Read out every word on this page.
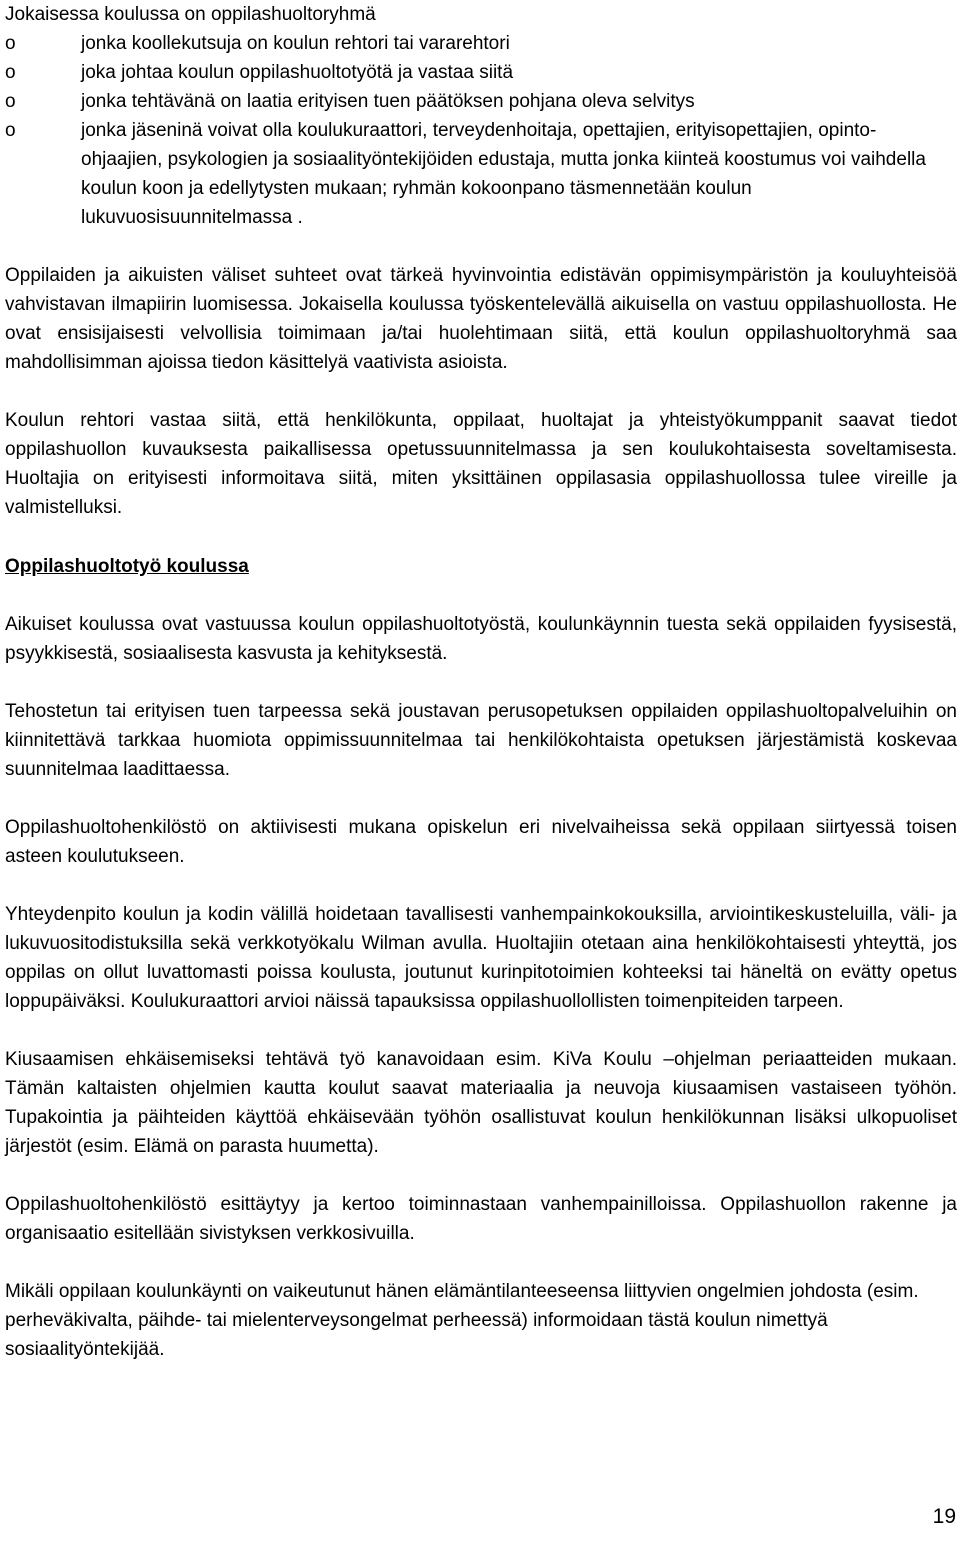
Jokaisessa koulussa on oppilashuoltoryhmä

o	jonka koollekutsuja on koulun rehtori tai vararehtori
o	joka johtaa koulun oppilashuoltotyötä ja vastaa siitä
o	jonka tehtävänä on laatia erityisen tuen päätöksen pohjana oleva selvitys
o	jonka jäseninä voivat olla koulukuraattori, terveydenhoitaja, opettajien, erityisopettajien, opinto-ohjaajien, psykologien ja sosiaalityöntekijöiden edustaja, mutta jonka kiinteä koostumus voi vaihdella koulun koon ja edellytysten mukaan; ryhmän kokoonpano täsmennetään koulun lukuvuosisuunnitelmassa .

Oppilaiden ja aikuisten väliset suhteet ovat tärkeä hyvinvointia edistävän oppimisympäristön ja kouluyhteisöä vahvistavan ilmapiirin luomisessa. Jokaisella koulussa työskentelevällä aikuisella on vastuu oppilashuollosta. He ovat ensisijaisesti velvollisia toimimaan ja/tai huolehtimaan siitä, että koulun oppilashuoltoryhmä saa mahdollisimman ajoissa tiedon käsittelyä vaativista asioista.

Koulun rehtori vastaa siitä, että henkilökunta, oppilaat, huoltajat ja yhteistyökumppanit saavat tiedot oppilashuollon kuvauksesta paikallisessa opetussuunnitelmassa ja sen koulukohtaisesta soveltamisesta. Huoltajia on erityisesti informoitava siitä, miten yksittäinen oppilasasia oppilashuollossa tulee vireille ja valmistelluksi.

Oppilashuoltotyö koulussa

Aikuiset koulussa ovat vastuussa koulun oppilashuoltotyöstä, koulunkäynnin tuesta sekä oppilaiden fyysisestä, psyykkisestä, sosiaalisesta kasvusta ja kehityksestä.

Tehostetun tai erityisen tuen tarpeessa sekä joustavan perusopetuksen oppilaiden oppilashuoltopalveluihin on kiinnitettävä tarkkaa huomiota oppimissuunnitelmaa tai henkilökohtaista opetuksen järjestämistä koskevaa suunnitelmaa laadittaessa.

Oppilashuoltohenkilöstö on aktiivisesti mukana opiskelun eri nivelvaiheissa sekä oppilaan siirtyessä toisen asteen koulutukseen.

Yhteydenpito koulun ja kodin välillä hoidetaan tavallisesti vanhempainkokouksilla, arviointikeskusteluilla, väli- ja lukuvuositodistuksilla sekä verkkotyökalu Wilman avulla. Huoltajiin otetaan aina henkilökohtaisesti yhteyttä, jos oppilas on ollut luvattomasti poissa koulusta, joutunut kurinpitotoimien kohteeksi tai häneltä on evätty opetus loppupäiväksi. Koulukuraattori arvioi näissä tapauksissa oppilashuollollisten toimenpiteiden tarpeen.

Kiusaamisen ehkäisemiseksi tehtävä työ kanavoidaan esim. KiVa Koulu –ohjelman periaatteiden mukaan. Tämän kaltaisten ohjelmien kautta koulut saavat materiaalia ja neuvoja kiusaamisen vastaiseen työhön. Tupakointia ja päihteiden käyttöä ehkäisevään työhön osallistuvat koulun henkilökunnan lisäksi ulkopuoliset järjestöt (esim. Elämä on parasta huumetta).

Oppilashuoltohenkilöstö esittäytyy ja kertoo toiminnastaan vanhempainilloissa. Oppilashuollon rakenne ja organisaatio esitellään sivistyksen verkkosivuilla.

Mikäli oppilaan koulunkäynti on vaikeutunut hänen elämäntilanteeseensa liittyvien ongelmien johdosta (esim. perheväkivalta, päihde- tai mielenterveysongelmat perheessä) informoidaan tästä koulun nimettyä sosiaalityöntekijää.

19
